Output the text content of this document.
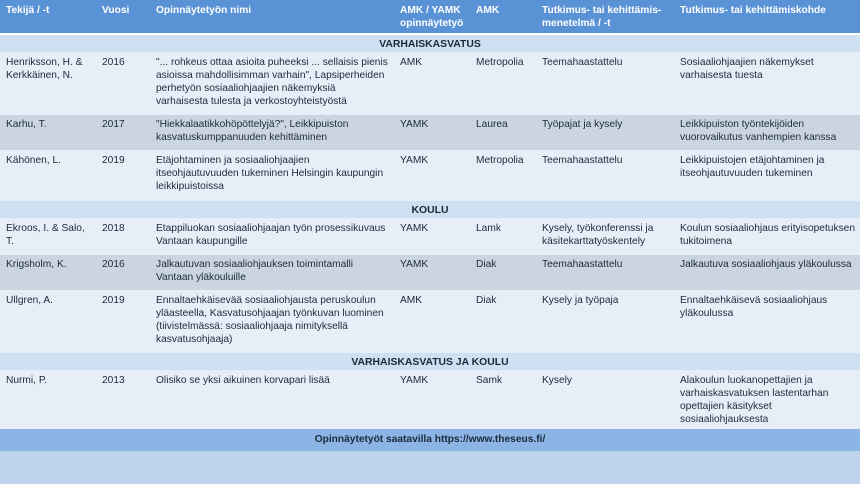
Tekijä / -t	Vuosi	Opinnäytetyön nimi	AMK / YAMK opinnäytetyö	AMK	Tutkimus- tai kehittämis-menetelmä / -t	Tutkimus- tai kehittämiskohde
VARHAISKASVATUS						
Henriksson, H. & Kerkkäinen, N.	2016	"... rohkeus ottaa asioita puheeksi ... sellaisis pienis asioissa mahdollisimman varhain", Lapsiperheiden perhetyön sosiaaliohjaajien näkemyksiä varhaisesta tulesta ja verkostoyhteistyöstä	AMK	Metropolia	Teemahaastattelu	Sosiaaliohjaajien näkemykset varhaisesta tuesta
Karhu, T.	2017	"Hiekkalaatikkohöpöttelyjä?", Leikkipuiston kasvatuskumppanuuden kehittäminen	YAMK	Laurea	Työpajat ja kysely	Leikkipuiston työntekijöiden vuorovaikutus vanhempien kanssa
Kähönen, L.	2019	Etäjohtaminen ja sosiaaliohjaajien itseohjautuvuuden tukeminen Helsingin kaupungin leikkipuistoissa	YAMK	Metropolia	Teemahaastattelu	Leikkipuistojen etäjohtaminen ja itseohjautuvuuden tukeminen
KOULU						
Ekroos, I. & Salo, T.	2018	Etappiluokan sosiaaliohjaajan työn prosessikuvaus Vantaan kaupungille	YAMK	Lamk	Kysely, työkonferenssi ja käsitekarttatyöskentely	Koulun sosiaaliohjaus erityisopetuksen tukitoimena
Krigsholm, K.	2016	Jalkautuvan sosiaaliohjauksen toimintamalli Vantaan yläkouluille	YAMK	Diak	Teemahaastattelu	Jalkautuva sosiaaliohjaus yläkoulussa
Ullgren, A.	2019	Ennaltaehkäisevää sosiaaliohjausta peruskoulun yläasteella, Kasvatusohjaajan työnkuvan luominen (tiivistelmässä: sosiaaliohjaaja nimityksellä kasvatusohjaaja)	AMK	Diak	Kysely ja työpaja	Ennaltaehkäisevä sosiaaliohjaus yläkoulussa
VARHAISKASVATUS JA KOULU						
Nurmi, P.	2013	Olisiko se yksi aikuinen korvapari lisää	YAMK	Samk	Kysely	Alakoulun luokanopettajien ja varhaiskasvatuksen lastentarhan opettajien käsitykset sosiaaliohjauksesta
Opinnäytetyöt saatavilla https://www.theseus.fi/						
